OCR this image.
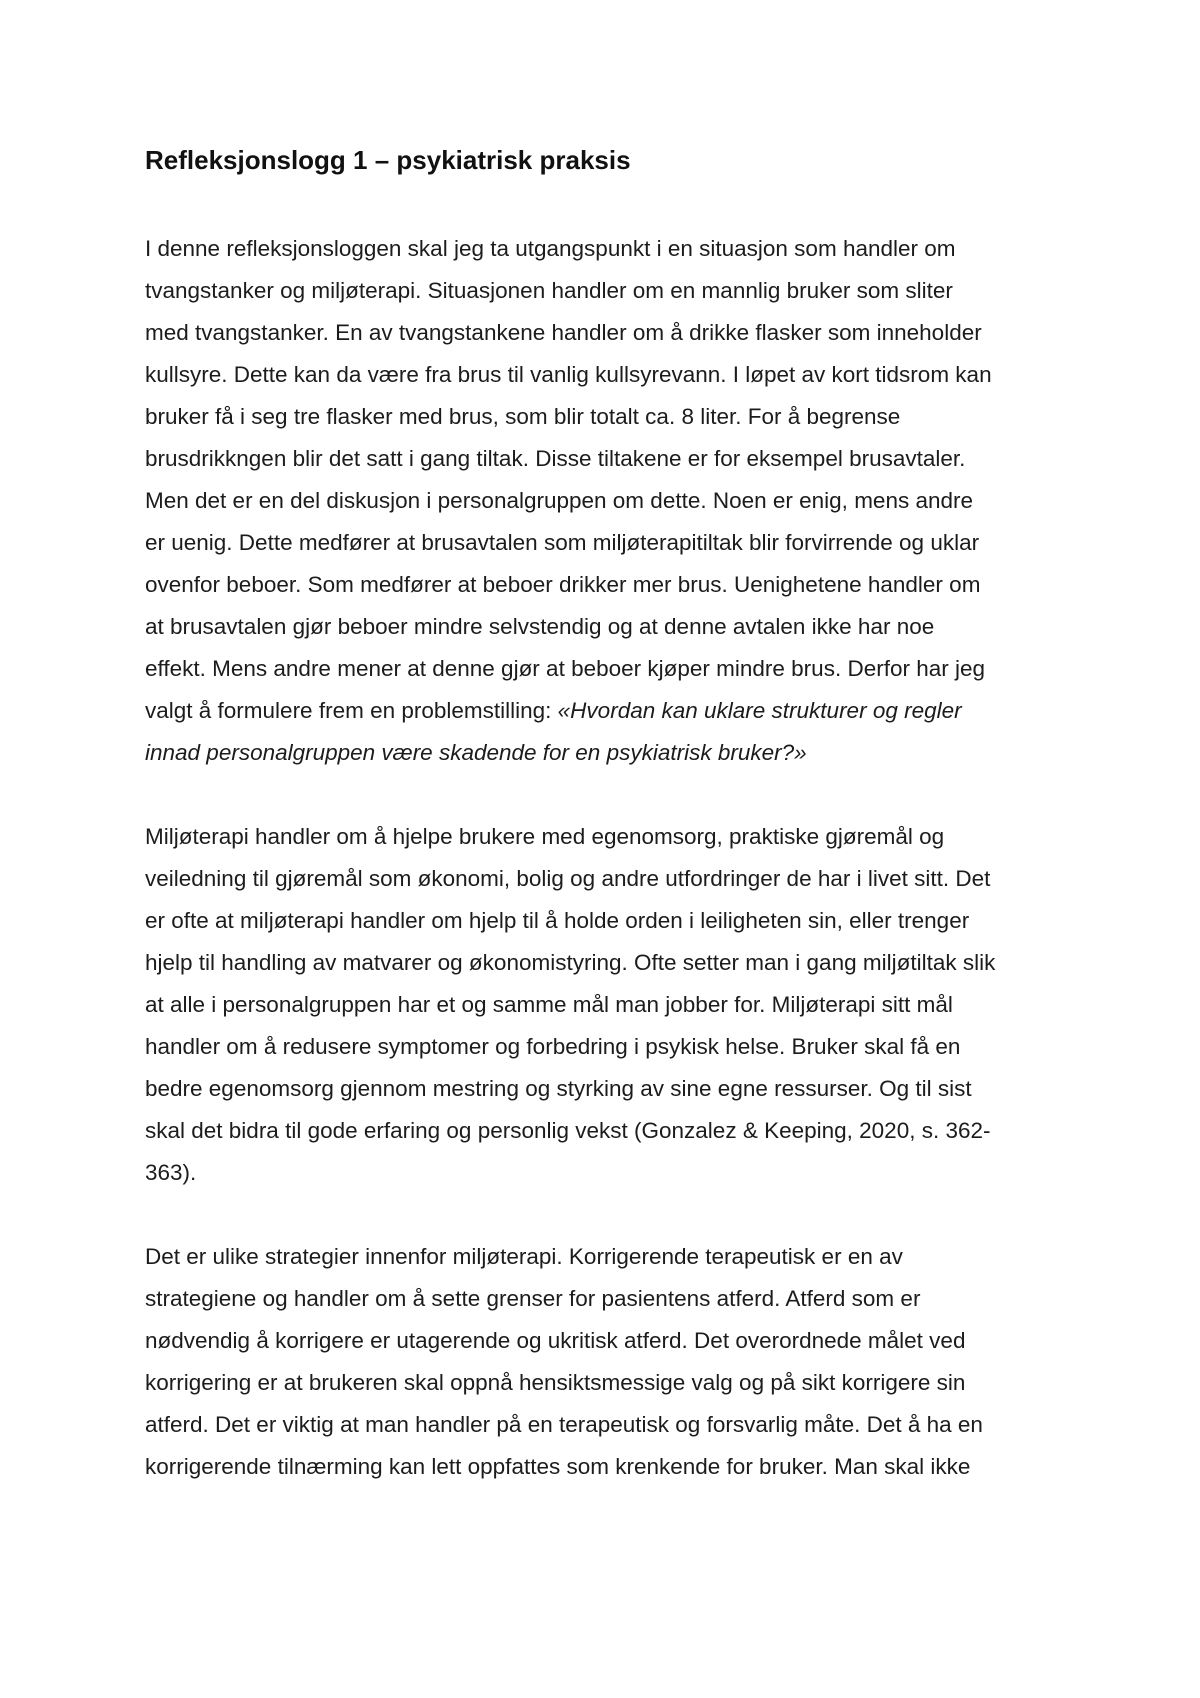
Refleksjonslogg 1 – psykiatrisk praksis

I denne refleksjonsloggen skal jeg ta utgangspunkt i en situasjon som handler om
tvangstanker og miljøterapi. Situasjonen handler om en mannlig bruker som sliter
med tvangstanker. En av tvangstankene handler om å drikke flasker som inneholder
kullsyre. Dette kan da være fra brus til vanlig kullsyrevann. I løpet av kort tidsrom kan
bruker få i seg tre flasker med brus, som blir totalt ca. 8 liter. For å begrense
brusdrikkngen blir det satt i gang tiltak. Disse tiltakene er for eksempel brusavtaler.
Men det er en del diskusjon i personalgruppen om dette. Noen er enig, mens andre
er uenig. Dette medfører at brusavtalen som miljøterapitiltak blir forvirrende og uklar
ovenfor beboer. Som medfører at beboer drikker mer brus. Uenighetene handler om
at brusavtalen gjør beboer mindre selvstendig og at denne avtalen ikke har noe
effekt. Mens andre mener at denne gjør at beboer kjøper mindre brus. Derfor har jeg
valgt å formulere frem en problemstilling: «Hvordan kan uklare strukturer og regler
innad personalgruppen være skadende for en psykiatrisk bruker?»

Miljøterapi handler om å hjelpe brukere med egenomsorg, praktiske gjøremål og
veiledning til gjøremål som økonomi, bolig og andre utfordringer de har i livet sitt. Det
er ofte at miljøterapi handler om hjelp til å holde orden i leiligheten sin, eller trenger
hjelp til handling av matvarer og økonomistyring. Ofte setter man i gang miljøtiltak slik
at alle i personalgruppen har et og samme mål man jobber for. Miljøterapi sitt mål
handler om å redusere symptomer og forbedring i psykisk helse. Bruker skal få en
bedre egenomsorg gjennom mestring og styrking av sine egne ressurser. Og til sist
skal det bidra til gode erfaring og personlig vekst (Gonzalez & Keeping, 2020, s. 362-
363).

Det er ulike strategier innenfor miljøterapi. Korrigerende terapeutisk er en av
strategiene og handler om å sette grenser for pasientens atferd. Atferd som er
nødvendig å korrigere er utagerende og ukritisk atferd. Det overordnede målet ved
korrigering er at brukeren skal oppnå hensiktsmessige valg og på sikt korrigere sin
atferd. Det er viktig at man handler på en terapeutisk og forsvarlig måte. Det å ha en
korrigerende tilnærming kan lett oppfattes som krenkende for bruker. Man skal ikke
